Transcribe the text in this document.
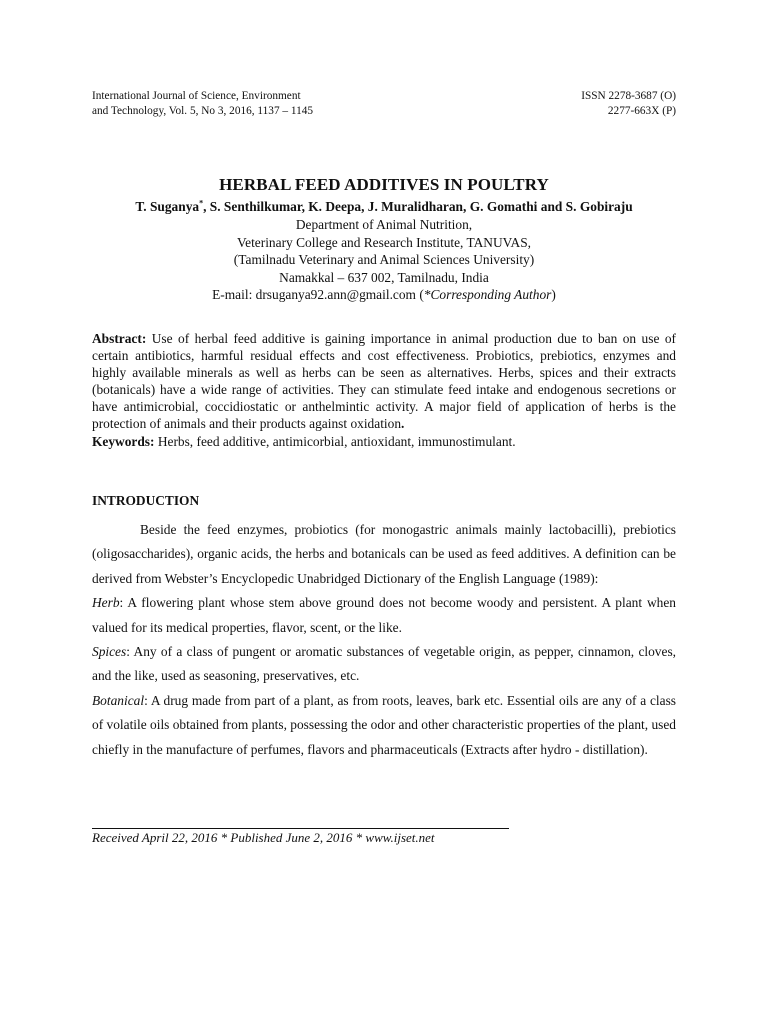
International Journal of Science, Environment
and Technology, Vol. 5, No 3, 2016, 1137 – 1145
ISSN 2278-3687 (O)
2277-663X (P)
HERBAL FEED ADDITIVES IN POULTRY
T. Suganya*, S. Senthilkumar, K. Deepa, J. Muralidharan, G. Gomathi and S. Gobiraju
Department of Animal Nutrition,
Veterinary College and Research Institute, TANUVAS,
(Tamilnadu Veterinary and Animal Sciences University)
Namakkal – 637 002, Tamilnadu, India
E-mail: drsuganya92.ann@gmail.com (*Corresponding Author)

Abstract: Use of herbal feed additive is gaining importance in animal production due to ban on use of certain antibiotics, harmful residual effects and cost effectiveness. Probiotics, prebiotics, enzymes and highly available minerals as well as herbs can be seen as alternatives. Herbs, spices and their extracts (botanicals) have a wide range of activities. They can stimulate feed intake and endogenous secretions or have antimicrobial, coccidiostatic or anthelmintic activity. A major field of application of herbs is the protection of animals and their products against oxidation.

Keywords: Herbs, feed additive, antimicorbial, antioxidant, immunostimulant.

INTRODUCTION

Beside the feed enzymes, probiotics (for monogastric animals mainly lactobacilli), prebiotics (oligosaccharides), organic acids, the herbs and botanicals can be used as feed additives. A definition can be derived from Webster’s Encyclopedic Unabridged Dictionary of the English Language (1989):

Herb: A flowering plant whose stem above ground does not become woody and persistent. A plant when valued for its medical properties, flavor, scent, or the like.

Spices: Any of a class of pungent or aromatic substances of vegetable origin, as pepper, cinnamon, cloves, and the like, used as seasoning, preservatives, etc.

Botanical: A drug made from part of a plant, as from roots, leaves, bark etc. Essential oils are any of a class of volatile oils obtained from plants, possessing the odor and other characteristic properties of the plant, used chiefly in the manufacture of perfumes, flavors and pharmaceuticals (Extracts after hydro - distillation).

Received April 22, 2016 * Published June 2, 2016 * www.ijset.net
